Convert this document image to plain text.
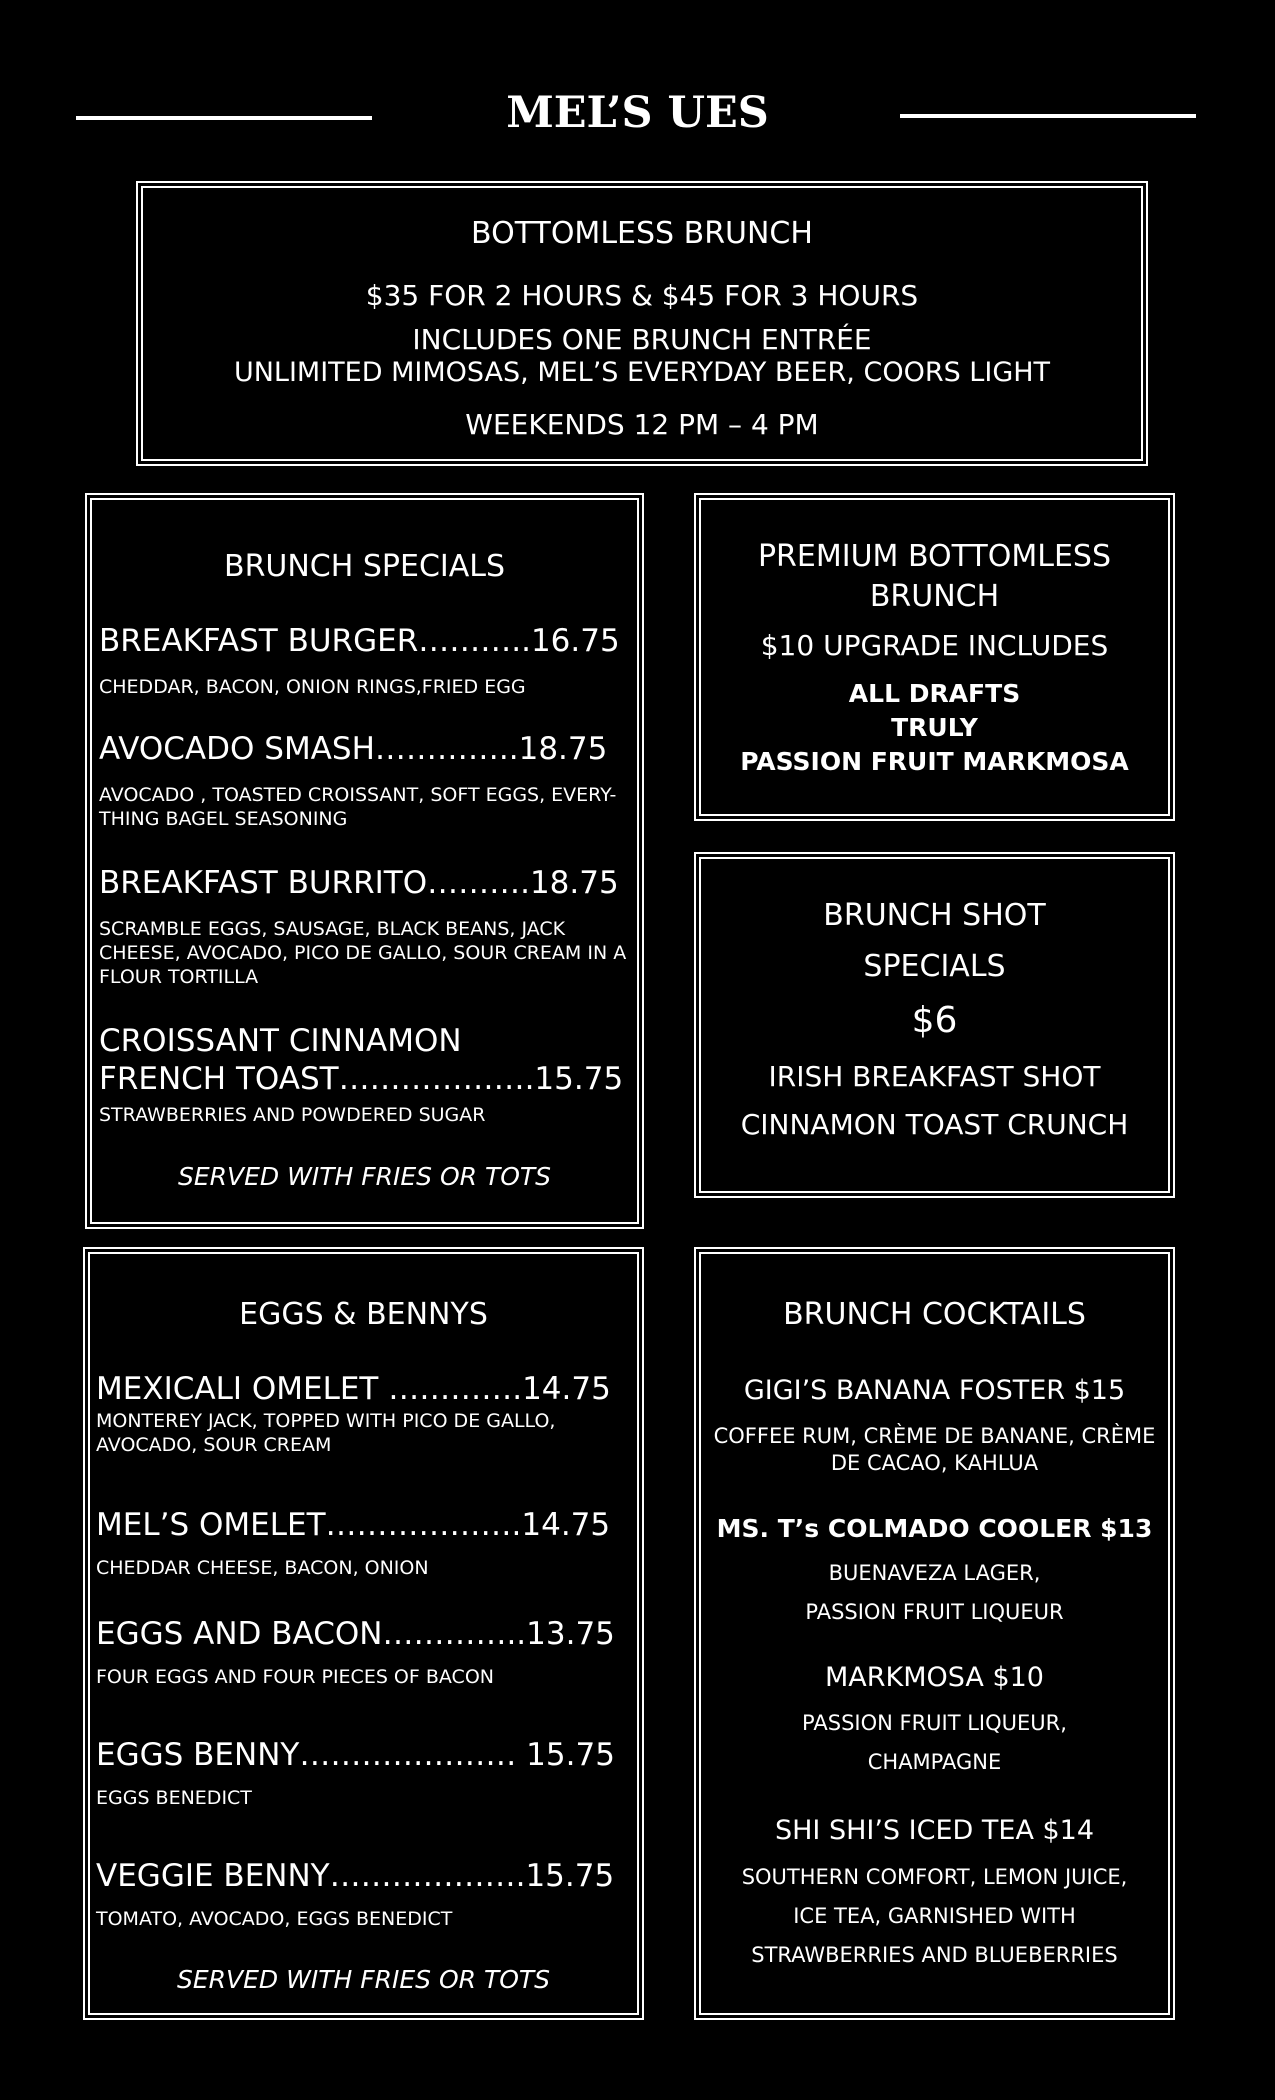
MEL’S UES
BOTTOMLESS BRUNCH
$35 FOR 2 HOURS & $45 FOR 3 HOURS
INCLUDES ONE BRUNCH ENTRÉE
UNLIMITED MIMOSAS, MEL’S EVERYDAY BEER, COORS LIGHT
WEEKENDS 12 PM – 4 PM
BRUNCH SPECIALS
BREAKFAST BURGER………..16.75
CHEDDAR, BACON, ONION RINGS,FRIED EGG
AVOCADO SMASH…………..18.75
AVOCADO , TOASTED CROISSANT, SOFT EGGS, EVERY-THING BAGEL SEASONING
BREAKFAST BURRITO……….18.75
SCRAMBLE EGGS, SAUSAGE, BLACK BEANS, JACK CHEESE, AVOCADO, PICO DE GALLO, SOUR CREAM IN A FLOUR TORTILLA
CROISSANT CINNAMON
FRENCH TOAST……………….15.75
STRAWBERRIES AND POWDERED SUGAR
SERVED WITH FRIES OR TOTS
PREMIUM BOTTOMLESS
BRUNCH
$10 UPGRADE INCLUDES
ALL DRAFTS
TRULY
PASSION FRUIT MARKMOSA
BRUNCH SHOT
SPECIALS
$6
IRISH BREAKFAST SHOT
CINNAMON TOAST CRUNCH
EGGS & BENNYS
MEXICALI OMELET ………….14.75
MONTEREY JACK, TOPPED WITH PICO DE GALLO, AVOCADO, SOUR CREAM
MEL’S OMELET……………….14.75
CHEDDAR CHEESE, BACON, ONION
EGGS AND BACON…………..13.75
FOUR EGGS AND FOUR PIECES OF BACON
EGGS BENNY………………… 15.75
EGGS BENEDICT
VEGGIE BENNY……………….15.75
TOMATO, AVOCADO, EGGS BENEDICT
SERVED WITH FRIES OR TOTS
BRUNCH COCKTAILS
GIGI’S BANANA FOSTER $15
COFFEE RUM, CRÈME DE BANANE, CRÈME
DE CACAO, KAHLUA
MS. T’s COLMADO COOLER $13
BUENAVEZA LAGER,
PASSION FRUIT LIQUEUR
MARKMOSA $10
PASSION FRUIT LIQUEUR,
CHAMPAGNE
SHI SHI’S ICED TEA $14
SOUTHERN COMFORT, LEMON JUICE,
ICE TEA, GARNISHED WITH
STRAWBERRIES AND BLUEBERRIES
